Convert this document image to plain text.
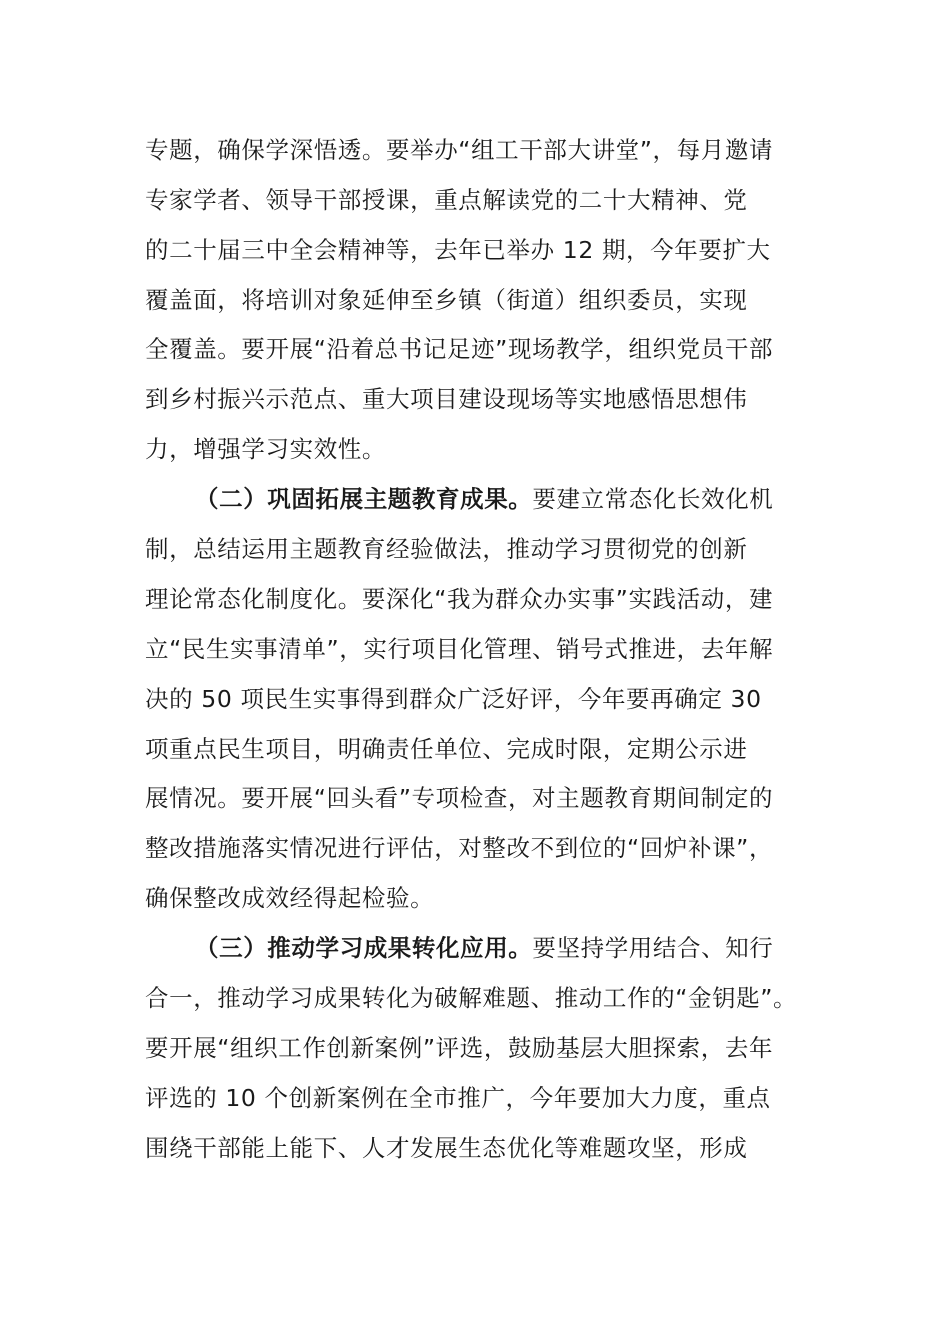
专题，确保学深悟透。要举办“组工干部大讲堂”，每月邀请
专家学者、领导干部授课，重点解读党的二十大精神、党
的二十届三中全会精神等，去年已举办 12 期，今年要扩大
覆盖面，将培训对象延伸至乡镇（街道）组织委员，实现
全覆盖。要开展“沿着总书记足迹”现场教学，组织党员干部
到乡村振兴示范点、重大项目建设现场等实地感悟思想伟
力，增强学习实效性。
（二）巩固拓展主题教育成果。要建立常态化长效化机
制，总结运用主题教育经验做法，推动学习贯彻党的创新
理论常态化制度化。要深化“我为群众办实事”实践活动，建
立“民生实事清单”，实行项目化管理、销号式推进，去年解
决的 50 项民生实事得到群众广泛好评，今年要再确定 30
项重点民生项目，明确责任单位、完成时限，定期公示进
展情况。要开展“回头看”专项检查，对主题教育期间制定的
整改措施落实情况进行评估，对整改不到位的“回炉补课”，
确保整改成效经得起检验。
（三）推动学习成果转化应用。要坚持学用结合、知行
合一，推动学习成果转化为破解难题、推动工作的“金钥匙”。
要开展“组织工作创新案例”评选，鼓励基层大胆探索，去年
评选的 10 个创新案例在全市推广，今年要加大力度，重点
围绕干部能上能下、人才发展生态优化等难题攻坚，形成
